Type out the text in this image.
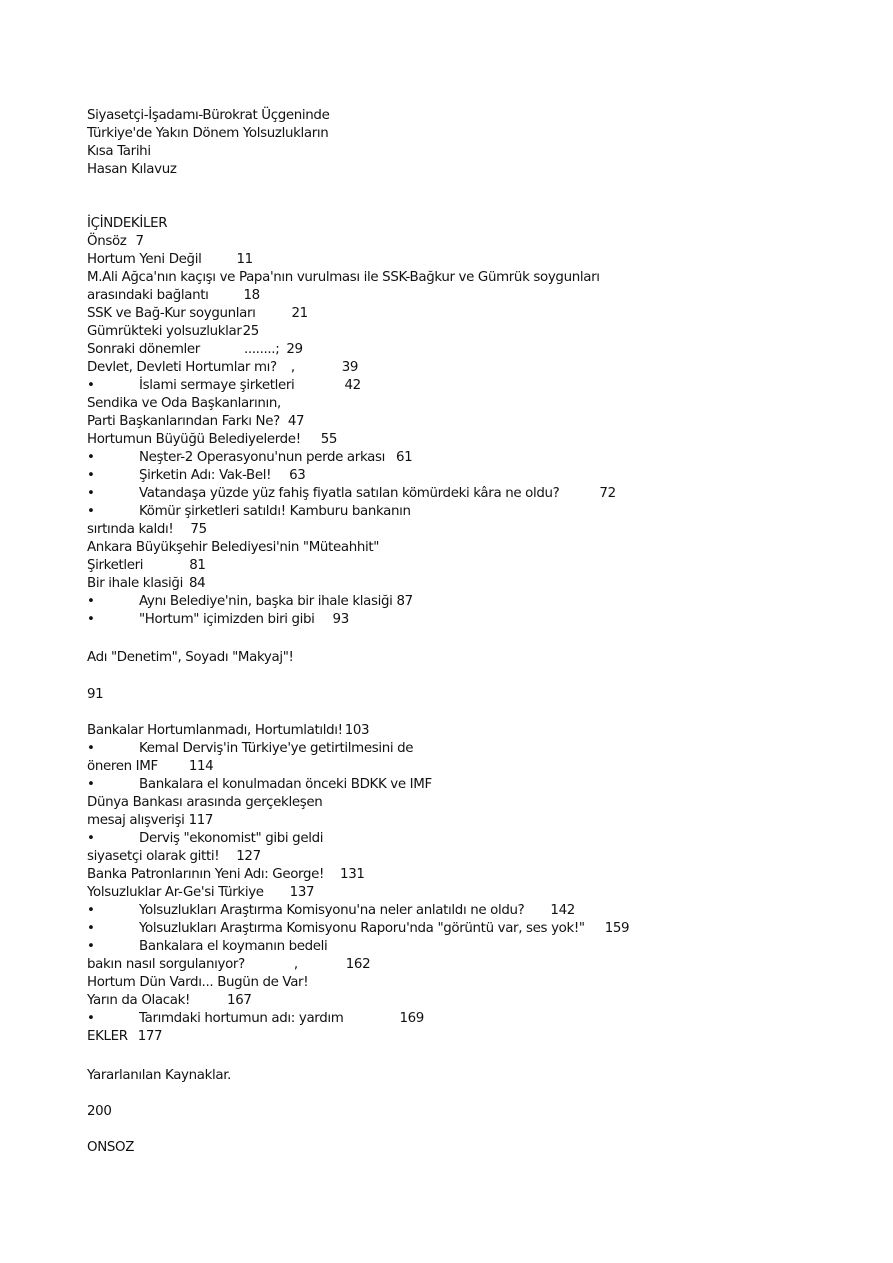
Siyasetçi-İşadamı-Bürokrat Üçgeninde
Türkiye'de Yakın Dönem Yolsuzlukların
Kısa Tarihi
Hasan Kılavuz
İÇİNDEKİLER
Önsöz 7
Hortum Yeni Değil	11
M.Ali Ağca'nın kaçışı ve Papa'nın vurulması ile SSK-Bağkur ve Gümrük soygunları
arasındaki bağlantı	18
SSK ve Bağ-Kur soygunları	21
Gümrükteki yolsuzluklar25
Sonraki dönemler	........; 29
Devlet, Devleti Hortumlar mı? ,	39
•	İslami sermaye şirketleri	42
Sendika ve Oda Başkanlarının,
Parti Başkanlarından Farkı Ne? 47
Hortumun Büyüğü Belediyelerde! 55
•	Neşter-2 Operasyonu'nun perde arkası 61
•	Şirketin Adı: Vak-Bel! 63
•	Vatandaşa yüzde yüz fahiş fiyatla satılan kömürdeki kâra ne oldu?	72
•	Kömür şirketleri satıldı! Kamburu bankanın
sırtında kaldı! 75
Ankara Büyükşehir Belediyesi'nin "Müteahhit"
Şirketleri	81
Bir ihale klasiği 84
•	Aynı Belediye'nin, başka bir ihale klasiği 87
•	"Hortum" içimizden biri gibi 93
Adı "Denetim", Soyadı "Makyaj"!
91
Bankalar Hortumlanmadı, Hortumlatıldı! 103
•	Kemal Derviş'in Türkiye'ye getirtilmesini de
öneren IMF 114
•	Bankalara el konulmadan önceki BDKK ve IMF
Dünya Bankası arasında gerçekleşen
mesaj alışverişi 117
•	Derviş "ekonomist" gibi geldi
siyasetçi olarak gitti! 127
Banka Patronlarının Yeni Adı: George! 131
Yolsuzluklar Ar-Ge'si Türkiye 137
•	Yolsuzlukları Araştırma Komisyonu'na neler anlatıldı ne oldu? 142
•	Yolsuzlukları Araştırma Komisyonu Raporu'nda "görüntü var, ses yok!" 159
•	Bankalara el koymanın bedeli
bakın nasıl sorgulanıyor?	,	162
Hortum Dün Vardı... Bugün de Var!
Yarın da Olacak!	167
•	Tarımdaki hortumun adı: yardım	169
EKLER 177
Yararlanılan Kaynaklar.
200
ONSOZ
